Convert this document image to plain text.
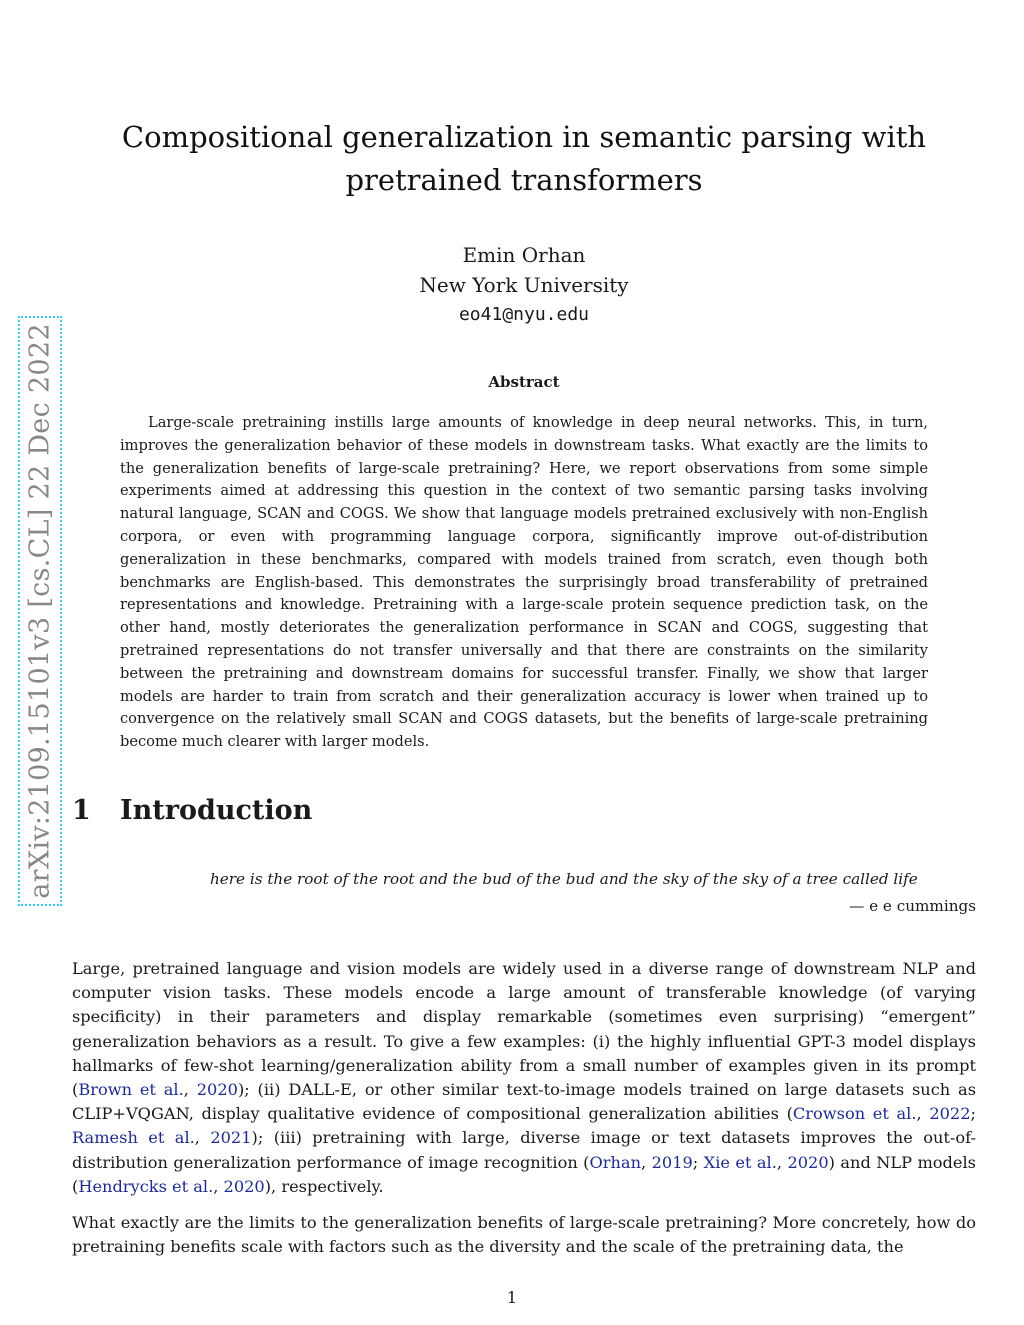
arXiv:2109.15101v3 [cs.CL] 22 Dec 2022
Compositional generalization in semantic parsing with pretrained transformers
Emin Orhan
New York University
eo41@nyu.edu
Abstract

Large-scale pretraining instills large amounts of knowledge in deep neural networks. This, in turn, improves the generalization behavior of these models in downstream tasks. What exactly are the limits to the generalization benefits of large-scale pretraining? Here, we report observations from some simple experiments aimed at addressing this question in the context of two semantic parsing tasks involving natural language, SCAN and COGS. We show that language models pretrained exclusively with non-English corpora, or even with programming language corpora, significantly improve out-of-distribution generalization in these benchmarks, compared with models trained from scratch, even though both benchmarks are English-based. This demonstrates the surprisingly broad transferability of pretrained representations and knowledge. Pretraining with a large-scale protein sequence prediction task, on the other hand, mostly deteriorates the generalization performance in SCAN and COGS, suggesting that pretrained representations do not transfer universally and that there are constraints on the similarity between the pretraining and downstream domains for successful transfer. Finally, we show that larger models are harder to train from scratch and their generalization accuracy is lower when trained up to convergence on the relatively small SCAN and COGS datasets, but the benefits of large-scale pretraining become much clearer with larger models.

1 Introduction

here is the root of the root and the bud of the bud and the sky of the sky of a tree called life

— e e cummings

Large, pretrained language and vision models are widely used in a diverse range of downstream NLP and computer vision tasks. These models encode a large amount of transferable knowledge (of varying specificity) in their parameters and display remarkable (sometimes even surprising) “emergent” generalization behaviors as a result. To give a few examples: (i) the highly influential GPT-3 model displays hallmarks of few-shot learning/generalization ability from a small number of examples given in its prompt (Brown et al., 2020); (ii) DALL-E, or other similar text-to-image models trained on large datasets such as CLIP+VQGAN, display qualitative evidence of compositional generalization abilities (Crowson et al., 2022; Ramesh et al., 2021); (iii) pretraining with large, diverse image or text datasets improves the out-of-distribution generalization performance of image recognition (Orhan, 2019; Xie et al., 2020) and NLP models (Hendrycks et al., 2020), respectively.

What exactly are the limits to the generalization benefits of large-scale pretraining? More concretely, how do pretraining benefits scale with factors such as the diversity and the scale of the pretraining data, the

1
